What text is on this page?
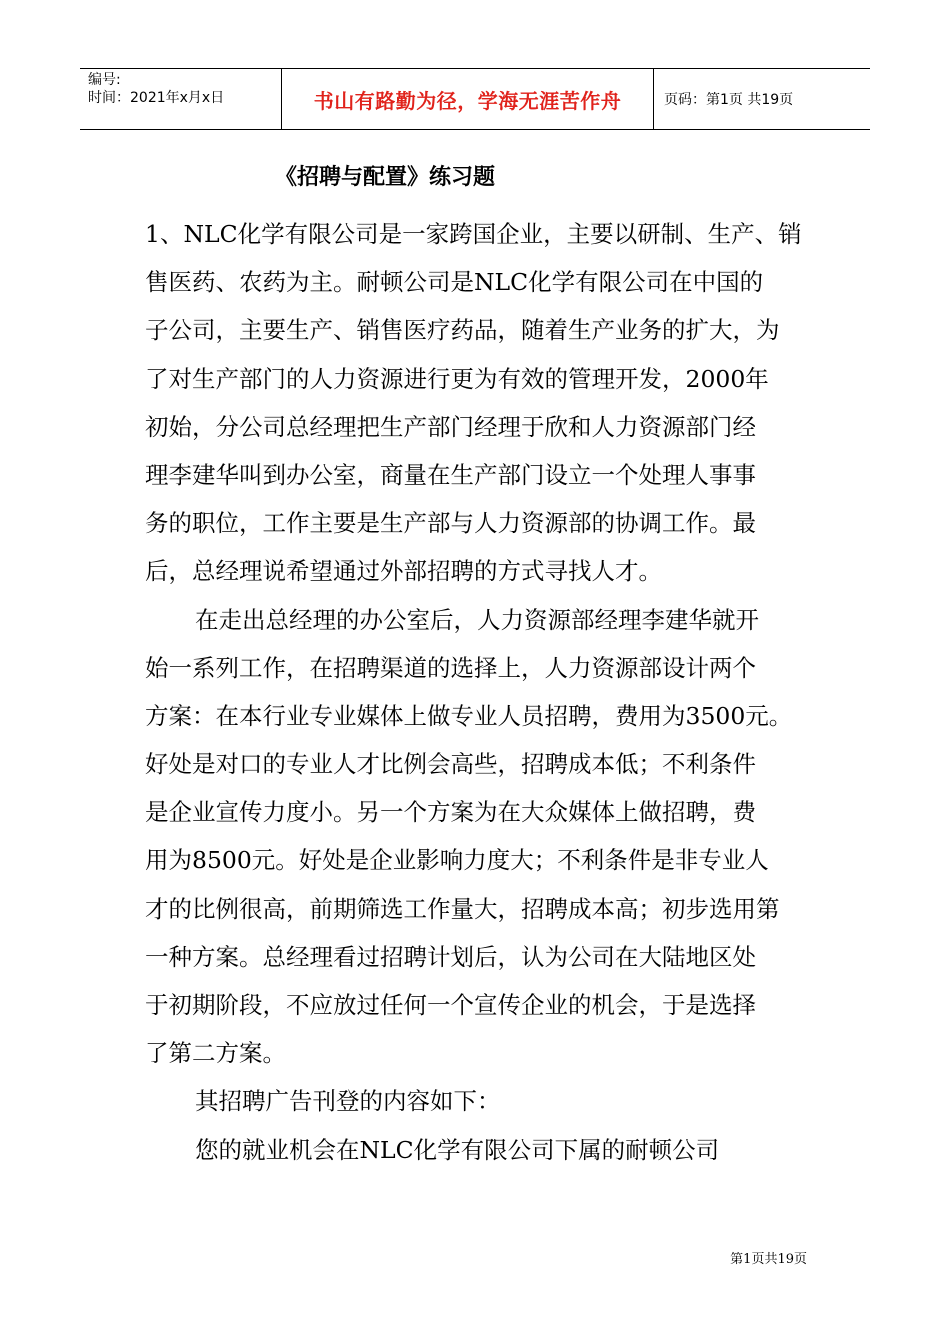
编号:
时间：2021年x月x日	书山有路勤为径，学海无涯苦作舟	页码：第1页 共19页
《招聘与配置》练习题
1、NLC化学有限公司是一家跨国企业，主要以研制、生产、销
售医药、农药为主。耐顿公司是NLC化学有限公司在中国的
子公司，主要生产、销售医疗药品，随着生产业务的扩大，为
了对生产部门的人力资源进行更为有效的管理开发，2000年
初始，分公司总经理把生产部门经理于欣和人力资源部门经
理李建华叫到办公室，商量在生产部门设立一个处理人事事
务的职位，工作主要是生产部与人力资源部的协调工作。最
后，总经理说希望通过外部招聘的方式寻找人才。
在走出总经理的办公室后，人力资源部经理李建华就开
始一系列工作，在招聘渠道的选择上，人力资源部设计两个
方案：在本行业专业媒体上做专业人员招聘，费用为3500元。
好处是对口的专业人才比例会高些，招聘成本低；不利条件
是企业宣传力度小。另一个方案为在大众媒体上做招聘，费
用为8500元。好处是企业影响力度大；不利条件是非专业人
才的比例很高，前期筛选工作量大，招聘成本高；初步选用第
一种方案。总经理看过招聘计划后，认为公司在大陆地区处
于初期阶段，不应放过任何一个宣传企业的机会，于是选择
了第二方案。
其招聘广告刊登的内容如下：
您的就业机会在NLC化学有限公司下属的耐顿公司
第1页共19页
